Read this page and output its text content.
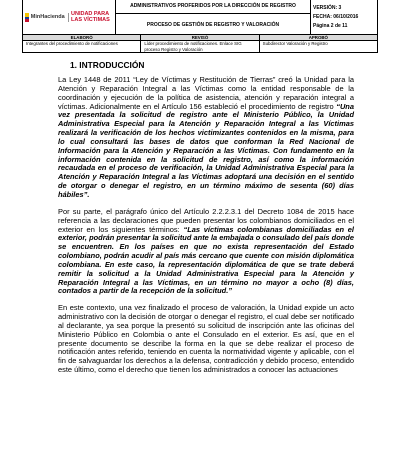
MinHacienda UNIDAD PARA LAS VÍCTIMAS
	ADMINISTRATIVOS PROFERIDOS POR LA DIRECCIÓN DE REGISTRO	VERSIÓN: 3
FECHA: 06/10/2016
Página 2 de 11

PROCESO DE GESTIÓN DE REGISTRO Y VALORACIÓN
ELABORÓ	REVISÓ	APROBÓ
Integrantes del procedimiento de notificaciones	Líder procedimiento de notificaciones. Enlace SIG proceso Registro y Valoración	Subdirector Valoración y Registro
1. INTRODUCCIÓN

La Ley 1448 de 2011 “Ley de Víctimas y Restitución de Tierras” creó la Unidad para la Atención y Reparación Integral a las Víctimas como la entidad responsable de la coordinación y ejecución de la política de asistencia, atención y reparación integral a víctimas. Adicionalmente en el Artículo 156 estableció el procedimiento de registro “Una vez presentada la solicitud de registro ante el Ministerio Público, la Unidad Administrativa Especial para la Atención y Reparación Integral a las Víctimas realizará la verificación de los hechos victimizantes contenidos en la misma, para lo cual consultará las bases de datos que conforman la Red Nacional de Información para la Atención y Reparación a las Víctimas. Con fundamento en la información contenida en la solicitud de registro, así como la información recaudada en el proceso de verificación, la Unidad Administrativa Especial para la Atención y Reparación Integral a las Víctimas adoptará una decisión en el sentido de otorgar o denegar el registro, en un término máximo de sesenta (60) días hábiles”.

Por su parte, el parágrafo único del Artículo 2.2.2.3.1 del Decreto 1084 de 2015 hace referencia a las declaraciones que pueden presentar los colombianos domiciliados en el exterior en los siguientes términos: “Las víctimas colombianas domiciliadas en el exterior, podrán presentar la solicitud ante la embajada o consulado del país donde se encuentren. En los países en que no exista representación del Estado colombiano, podrán acudir al país más cercano que cuente con misión diplomática colombiana. En este caso, la representación diplomática de que se trate deberá remitir la solicitud a la Unidad Administrativa Especial para la Atención y Reparación Integral a las Víctimas, en un término no mayor a ocho (8) días, contados a partir de la recepción de la solicitud.”

En este contexto, una vez finalizado el proceso de valoración, la Unidad expide un acto administrativo con la decisión de otorgar o denegar el registro, el cual debe ser notificado al declarante, ya sea porque la presentó su solicitud de inscripción ante las oficinas del Ministerio Público en Colombia o ante el Consulado en el exterior. Es así, que en el presente documento se describe la forma en la que se debe realizar el proceso de notificación antes referido, teniendo en cuenta la normatividad vigente y aplicable, con el fin de salvaguardar los derechos a la defensa, contradicción y debido proceso, entendido este último, como el derecho que tienen los administrados a conocer las actuaciones
